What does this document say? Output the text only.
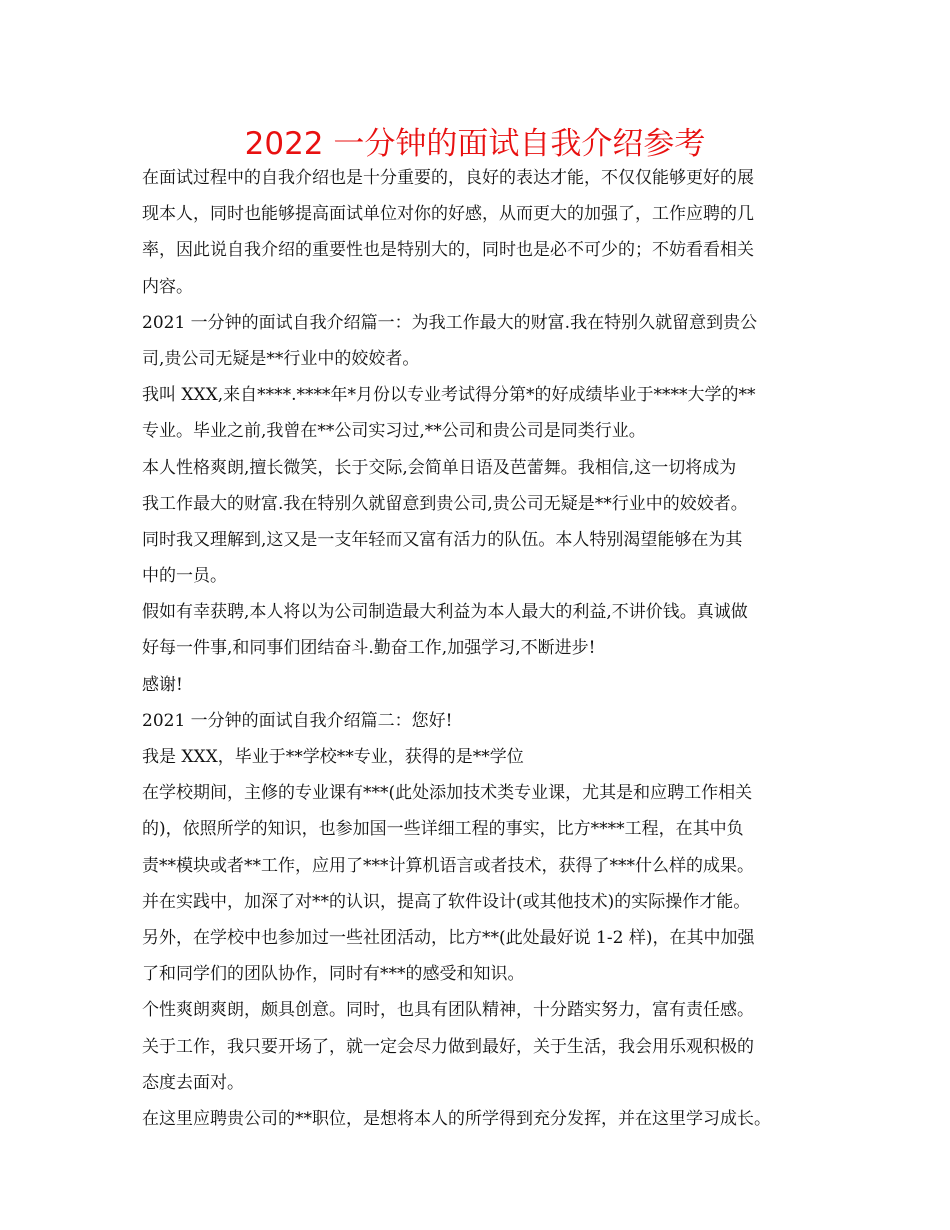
2022 一分钟的面试自我介绍参考
在面试过程中的自我介绍也是十分重要的，良好的表达才能，不仅仅能够更好的展
现本人，同时也能够提高面试单位对你的好感，从而更大的加强了，工作应聘的几
率，因此说自我介绍的重要性也是特别大的，同时也是必不可少的；不妨看看相关
内容。
2021 一分钟的面试自我介绍篇一：为我工作最大的财富.我在特别久就留意到贵公
司,贵公司无疑是**行业中的姣姣者。
我叫 XXX,来自****.****年*月份以专业考试得分第*的好成绩毕业于****大学的**
专业。毕业之前,我曾在**公司实习过,**公司和贵公司是同类行业。
本人性格爽朗,擅长微笑，长于交际,会简单日语及芭蕾舞。我相信,这一切将成为
我工作最大的财富.我在特别久就留意到贵公司,贵公司无疑是**行业中的姣姣者。
同时我又理解到,这又是一支年轻而又富有活力的队伍。本人特别渴望能够在为其
中的一员。
假如有幸获聘,本人将以为公司制造最大利益为本人最大的利益,不讲价钱。真诚做
好每一件事,和同事们团结奋斗.勤奋工作,加强学习,不断进步!
感谢!
2021 一分钟的面试自我介绍篇二：您好!
我是 XXX，毕业于**学校**专业，获得的是**学位
在学校期间，主修的专业课有***(此处添加技术类专业课，尤其是和应聘工作相关
的)，依照所学的知识，也参加国一些详细工程的事实，比方****工程，在其中负
责**模块或者**工作，应用了***计算机语言或者技术，获得了***什么样的成果。
并在实践中，加深了对**的认识，提高了软件设计(或其他技术)的实际操作才能。
另外，在学校中也参加过一些社团活动，比方**(此处最好说 1-2 样)，在其中加强
了和同学们的团队协作，同时有***的感受和知识。
个性爽朗爽朗，颇具创意。同时，也具有团队精神，十分踏实努力，富有责任感。
关于工作，我只要开场了，就一定会尽力做到最好，关于生活，我会用乐观积极的
态度去面对。
在这里应聘贵公司的**职位，是想将本人的所学得到充分发挥，并在这里学习成长。
